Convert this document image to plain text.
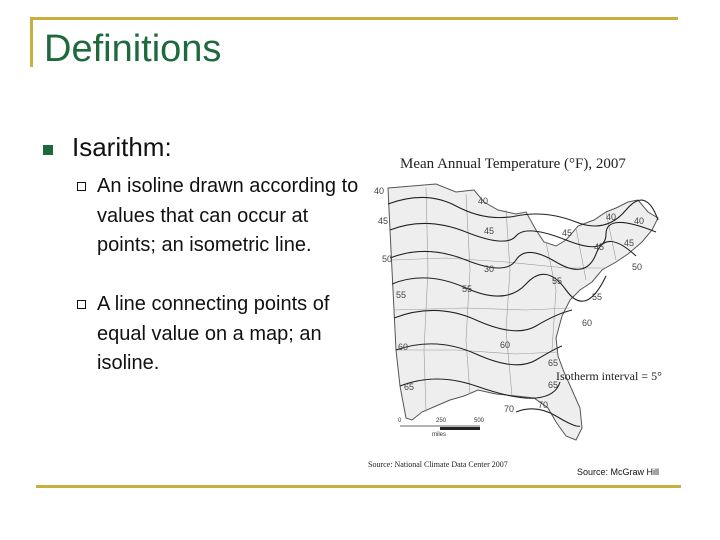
Definitions

Isarithm:

An isoline drawn according to values that can occur at points; an isometric line.

A line connecting points of equal value on a map; an isoline.

40
45
50
55
60
65
70
40
45
40
45
45
40
45
50
30
55
55
55
60
60
65
65
70
0	250	500
miles
Mean Annual Temperature (°F), 2007
Isotherm interval = 5°
Source: National Climate Data Center 2007
Source: McGraw Hill
